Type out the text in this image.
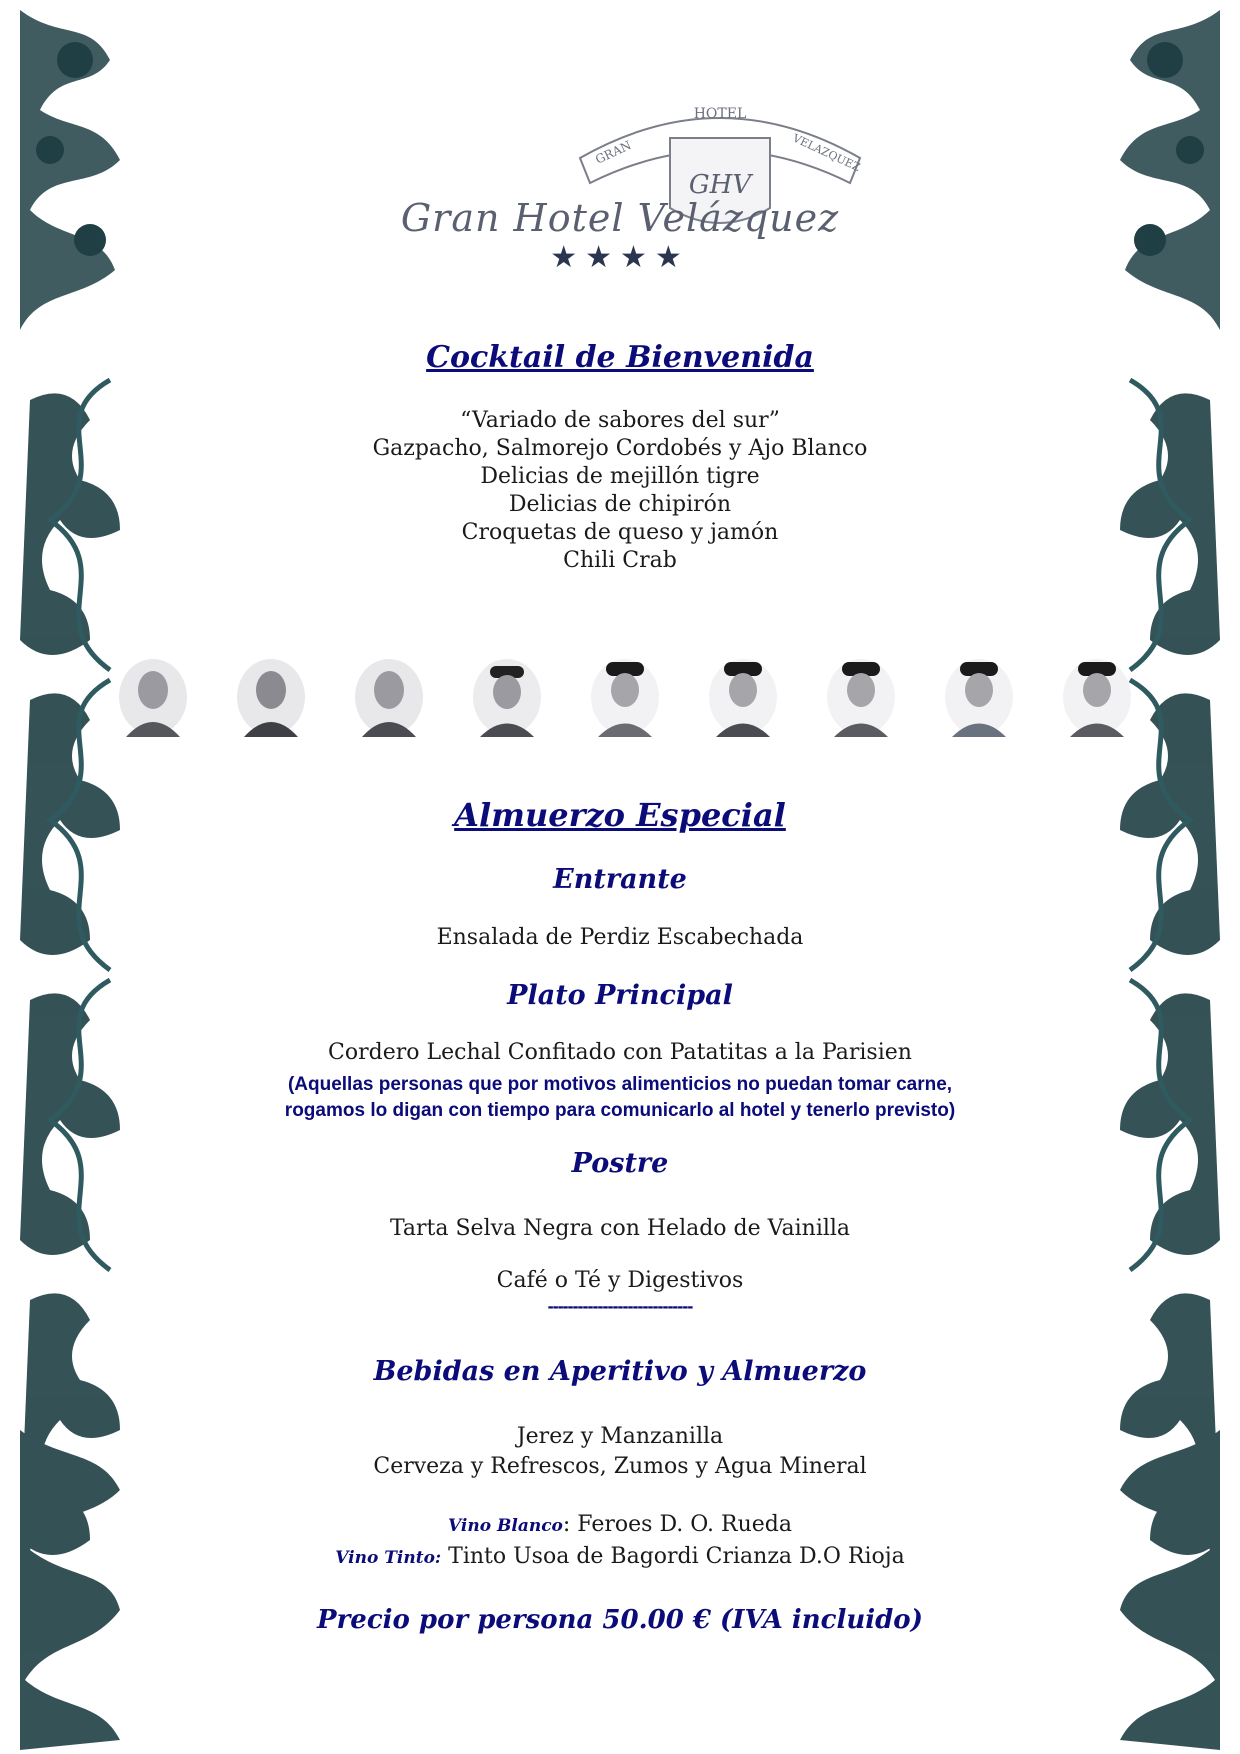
HOTEL
GRAN	VELAZQUEZ
GHV
Gran Hotel Velázquez
★★★★
Cocktail de Bienvenida
“Variado de sabores del sur”
Gazpacho, Salmorejo Cordobés y Ajo Blanco
Delicias de mejillón tigre
Delicias de chipirón
Croquetas de queso y jamón
Chili Crab
Almuerzo Especial
Entrante
Ensalada de Perdiz Escabechada
Plato Principal
Cordero Lechal Confitado con Patatitas a la Parisien
(Aquellas personas que por motivos alimenticios no puedan tomar carne,
rogamos lo digan con tiempo para comunicarlo al hotel y tenerlo previsto)
Postre
Tarta Selva Negra con Helado de Vainilla
Café o Té y Digestivos
-----------------------------
Bebidas en Aperitivo y Almuerzo
Jerez y Manzanilla
Cerveza y Refrescos, Zumos y Agua Mineral
Vino Blanco: Feroes D. O. Rueda
Vino Tinto: Tinto Usoa de Bagordi Crianza D.O Rioja
Precio por persona 50.00 € (IVA incluido)
